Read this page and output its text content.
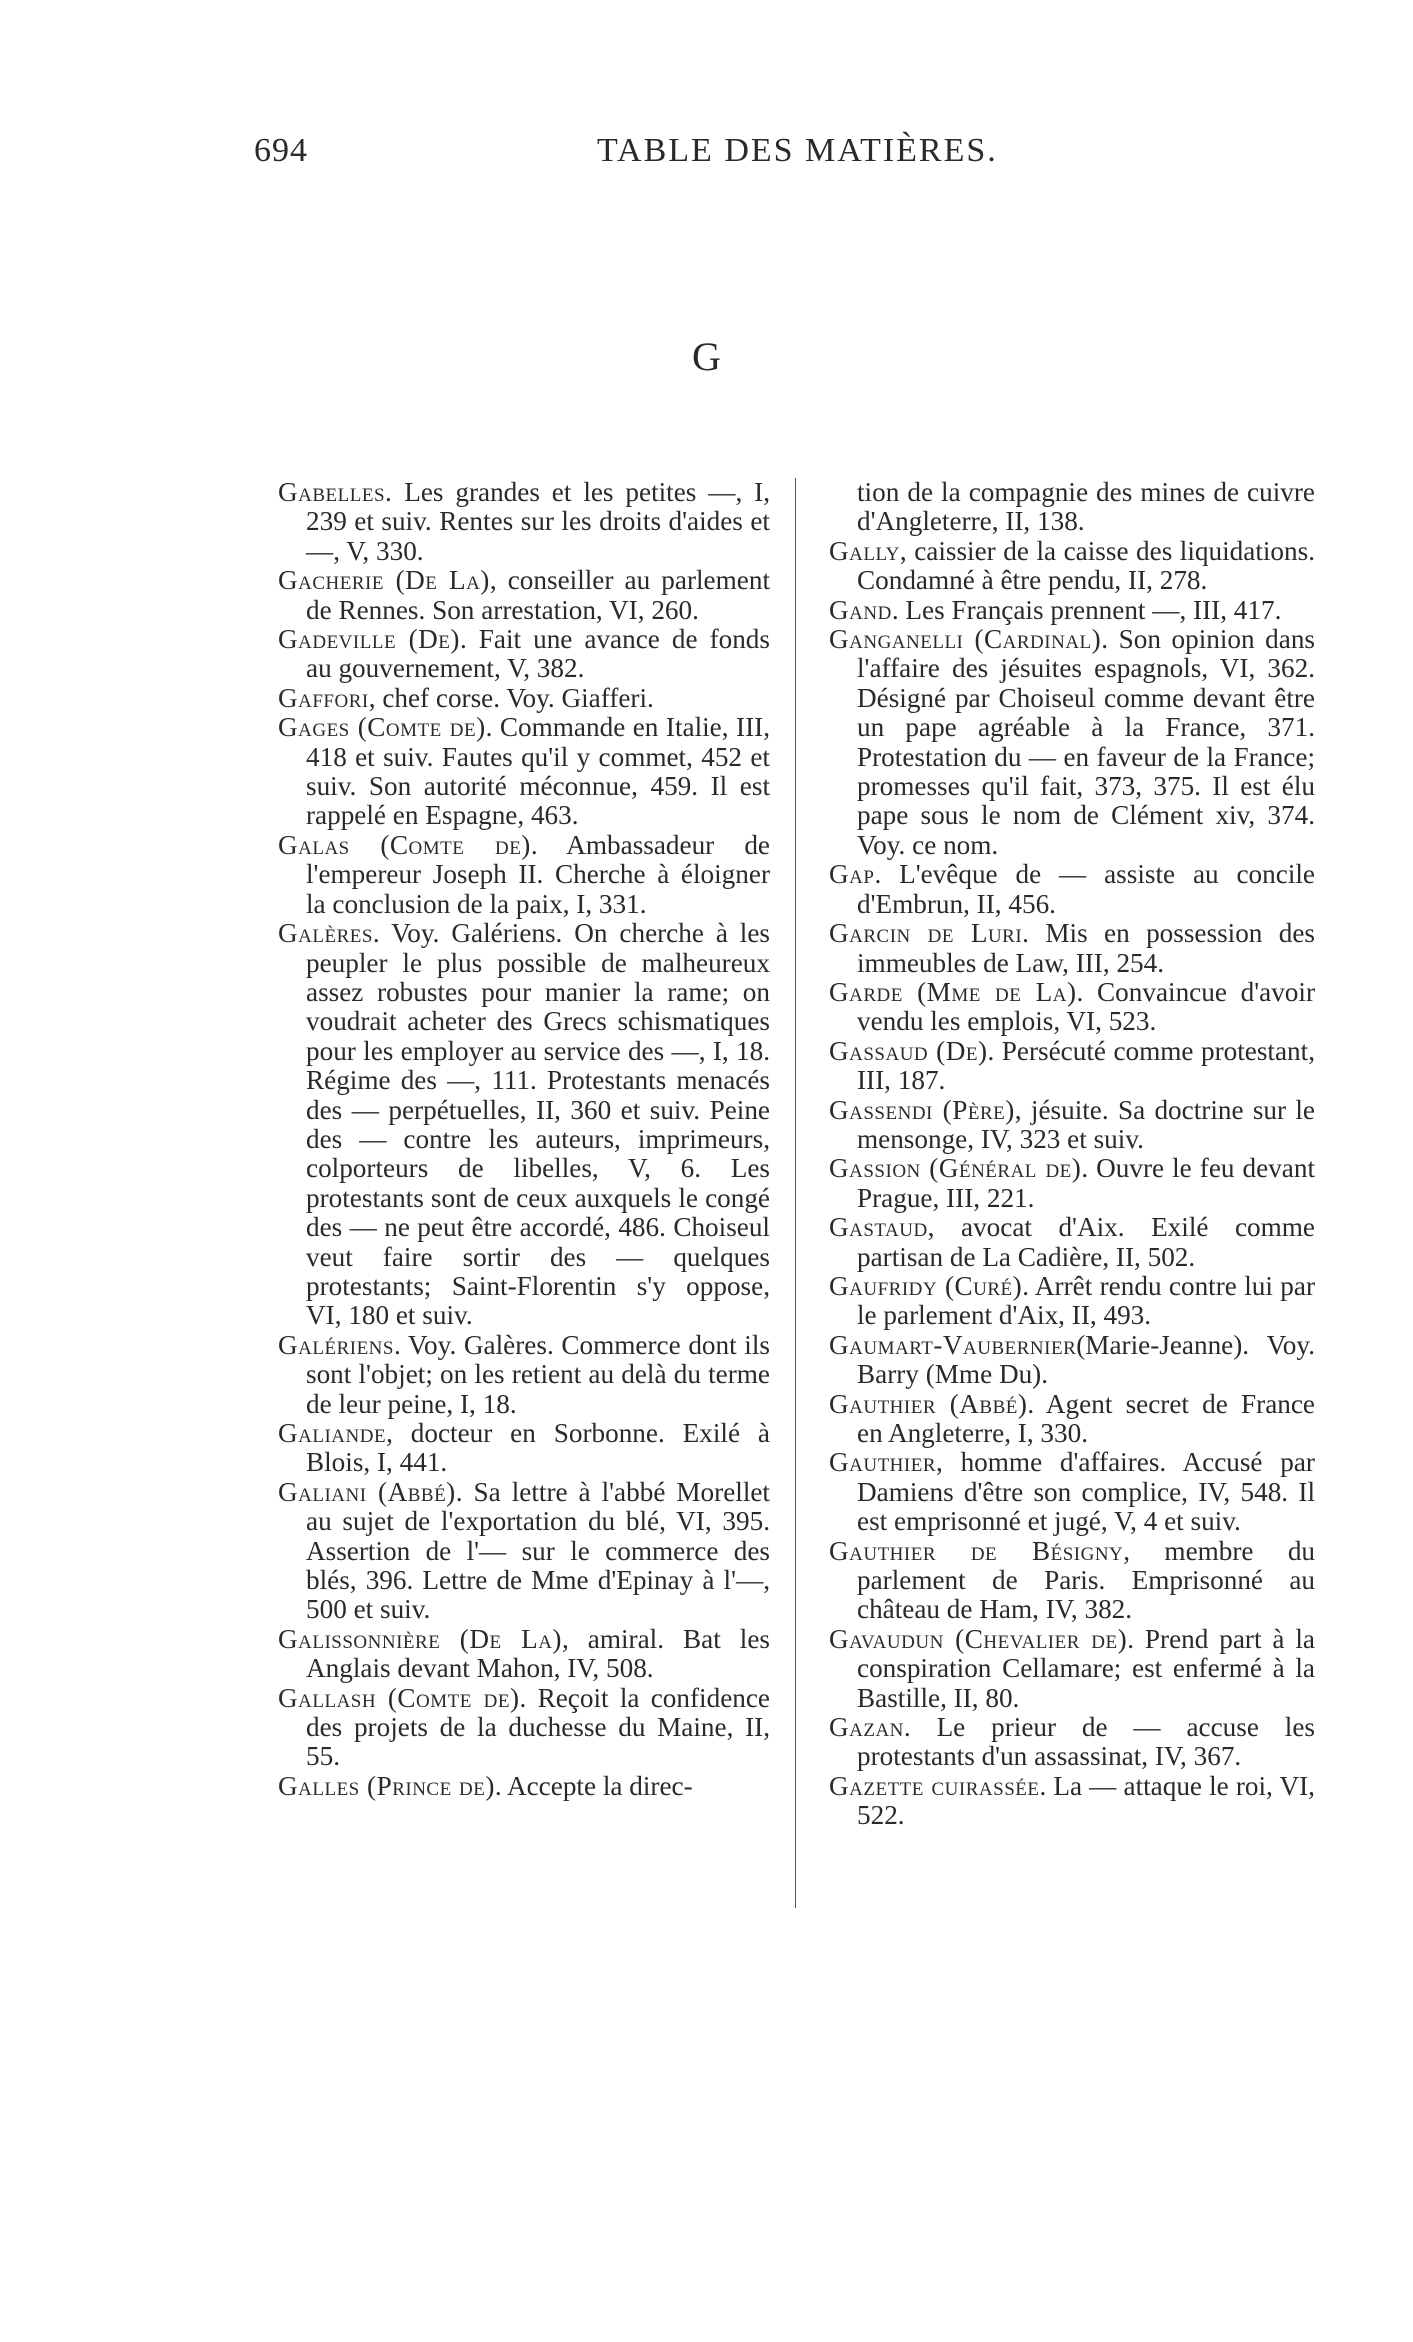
694	TABLE DES MATIÈRES.
G
Gabelles. Les grandes et les petites —, I, 239 et suiv. Rentes sur les droits d'aides et —, V, 330.
Gacherie (De La), conseiller au parlement de Rennes. Son arrestation, VI, 260.
Gadeville (De). Fait une avance de fonds au gouvernement, V, 382.
Gaffori, chef corse. Voy. Giafferi.
Gages (Comte de). Commande en Italie, III, 418 et suiv. Fautes qu'il y commet, 452 et suiv. Son autorité méconnue, 459. Il est rappelé en Espagne, 463.
Galas (Comte de). Ambassadeur de l'empereur Joseph II. Cherche à éloigner la conclusion de la paix, I, 331.
Galères. Voy. Galériens. On cherche à les peupler le plus possible de malheureux assez robustes pour manier la rame; on voudrait acheter des Grecs schismatiques pour les employer au service des —, I, 18. Régime des —, 111. Protestants menacés des — perpétuelles, II, 360 et suiv. Peine des — contre les auteurs, imprimeurs, colporteurs de libelles, V, 6. Les protestants sont de ceux auxquels le congé des — ne peut être accordé, 486. Choiseul veut faire sortir des — quelques protestants; Saint-Florentin s'y oppose, VI, 180 et suiv.
Galériens. Voy. Galères. Commerce dont ils sont l'objet; on les retient au delà du terme de leur peine, I, 18.
Galiande, docteur en Sorbonne. Exilé à Blois, I, 441.
Galiani (Abbé). Sa lettre à l'abbé Morellet au sujet de l'exportation du blé, VI, 395. Assertion de l'— sur le commerce des blés, 396. Lettre de Mme d'Epinay à l'—, 500 et suiv.
Galissonnière (De La), amiral. Bat les Anglais devant Mahon, IV, 508.
Gallash (Comte de). Reçoit la confidence des projets de la duchesse du Maine, II, 55.
Galles (Prince de). Accepte la direc-
tion de la compagnie des mines de cuivre d'Angleterre, II, 138.
Gally, caissier de la caisse des liquidations. Condamné à être pendu, II, 278.
Gand. Les Français prennent —, III, 417.
Ganganelli (Cardinal). Son opinion dans l'affaire des jésuites espagnols, VI, 362. Désigné par Choiseul comme devant être un pape agréable à la France, 371. Protestation du — en faveur de la France; promesses qu'il fait, 373, 375. Il est élu pape sous le nom de Clément xiv, 374. Voy. ce nom.
Gap. L'evêque de — assiste au concile d'Embrun, II, 456.
Garcin de Luri. Mis en possession des immeubles de Law, III, 254.
Garde (Mme de La). Convaincue d'avoir vendu les emplois, VI, 523.
Gassaud (De). Persécuté comme protestant, III, 187.
Gassendi (Père), jésuite. Sa doctrine sur le mensonge, IV, 323 et suiv.
Gassion (Général de). Ouvre le feu devant Prague, III, 221.
Gastaud, avocat d'Aix. Exilé comme partisan de La Cadière, II, 502.
Gaufridy (Curé). Arrêt rendu contre lui par le parlement d'Aix, II, 493.
Gaumart-Vaubernier(Marie-Jeanne). Voy. Barry (Mme Du).
Gauthier (Abbé). Agent secret de France en Angleterre, I, 330.
Gauthier, homme d'affaires. Accusé par Damiens d'être son complice, IV, 548. Il est emprisonné et jugé, V, 4 et suiv.
Gauthier de Bésigny, membre du parlement de Paris. Emprisonné au château de Ham, IV, 382.
Gavaudun (Chevalier de). Prend part à la conspiration Cellamare; est enfermé à la Bastille, II, 80.
Gazan. Le prieur de — accuse les protestants d'un assassinat, IV, 367.
Gazette cuirassée. La — attaque le roi, VI, 522.
